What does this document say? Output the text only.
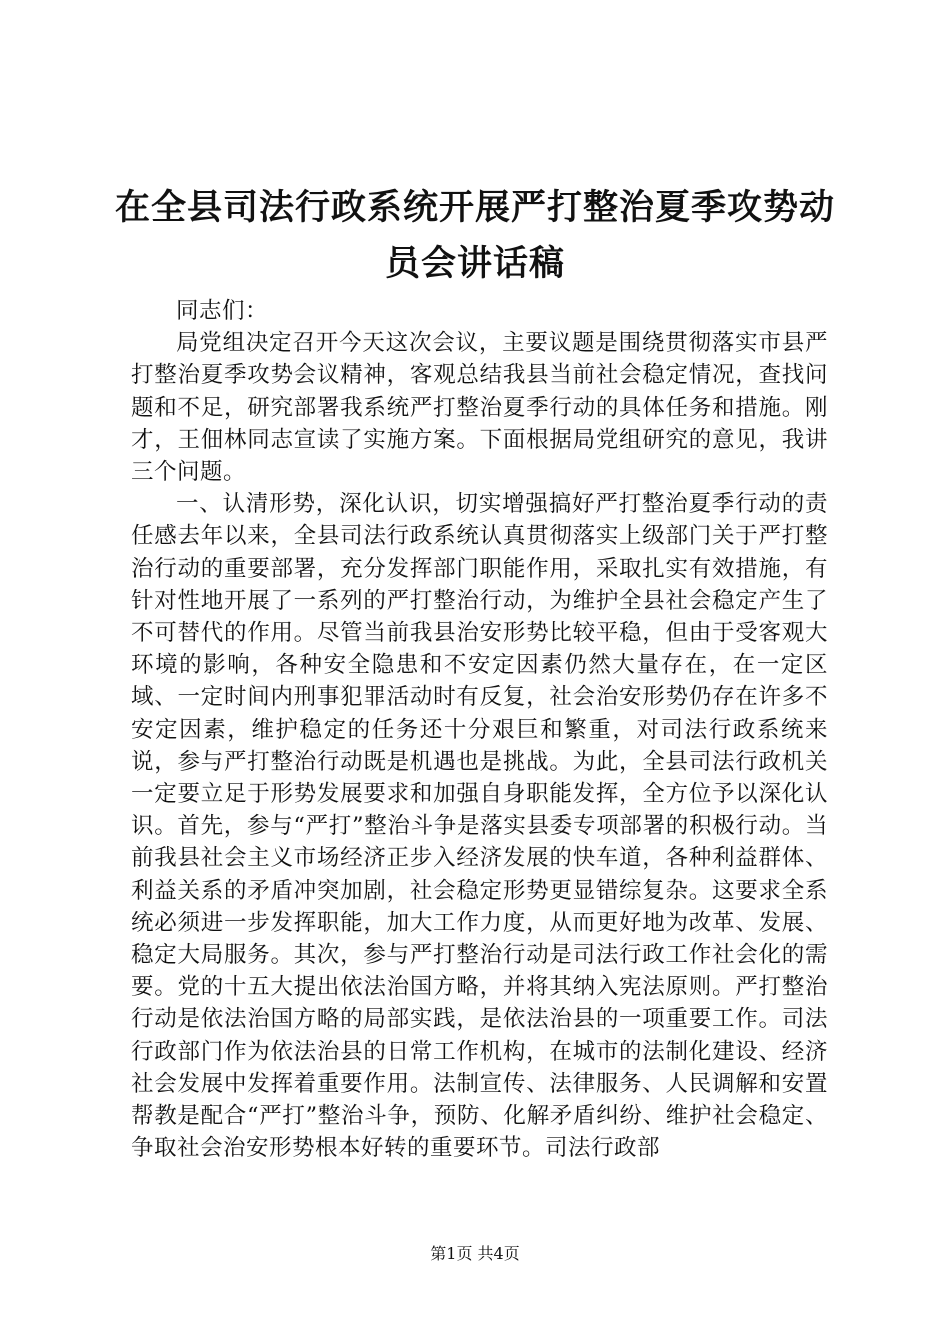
在全县司法行政系统开展严打整治夏季攻势动员会讲话稿

同志们：

局党组决定召开今天这次会议，主要议题是围绕贯彻落实市县严打整治夏季攻势会议精神，客观总结我县当前社会稳定情况，查找问题和不足，研究部署我系统严打整治夏季行动的具体任务和措施。刚才，王佃林同志宣读了实施方案。下面根据局党组研究的意见，我讲三个问题。

一、认清形势，深化认识，切实增强搞好严打整治夏季行动的责任感去年以来，全县司法行政系统认真贯彻落实上级部门关于严打整治行动的重要部署，充分发挥部门职能作用，采取扎实有效措施，有针对性地开展了一系列的严打整治行动，为维护全县社会稳定产生了不可替代的作用。尽管当前我县治安形势比较平稳，但由于受客观大环境的影响，各种安全隐患和不安定因素仍然大量存在，在一定区域、一定时间内刑事犯罪活动时有反复，社会治安形势仍存在许多不安定因素，维护稳定的任务还十分艰巨和繁重，对司法行政系统来说，参与严打整治行动既是机遇也是挑战。为此，全县司法行政机关一定要立足于形势发展要求和加强自身职能发挥，全方位予以深化认识。首先，参与“严打”整治斗争是落实县委专项部署的积极行动。当前我县社会主义市场经济正步入经济发展的快车道，各种利益群体、利益关系的矛盾冲突加剧，社会稳定形势更显错综复杂。这要求全系统必须进一步发挥职能，加大工作力度，从而更好地为改革、发展、稳定大局服务。其次，参与严打整治行动是司法行政工作社会化的需要。党的十五大提出依法治国方略，并将其纳入宪法原则。严打整治行动是依法治国方略的局部实践，是依法治县的一项重要工作。司法行政部门作为依法治县的日常工作机构，在城市的法制化建设、经济社会发展中发挥着重要作用。法制宣传、法律服务、人民调解和安置帮教是配合“严打”整治斗争，预防、化解矛盾纠纷、维护社会稳定、争取社会治安形势根本好转的重要环节。司法行政部

第1页 共4页
